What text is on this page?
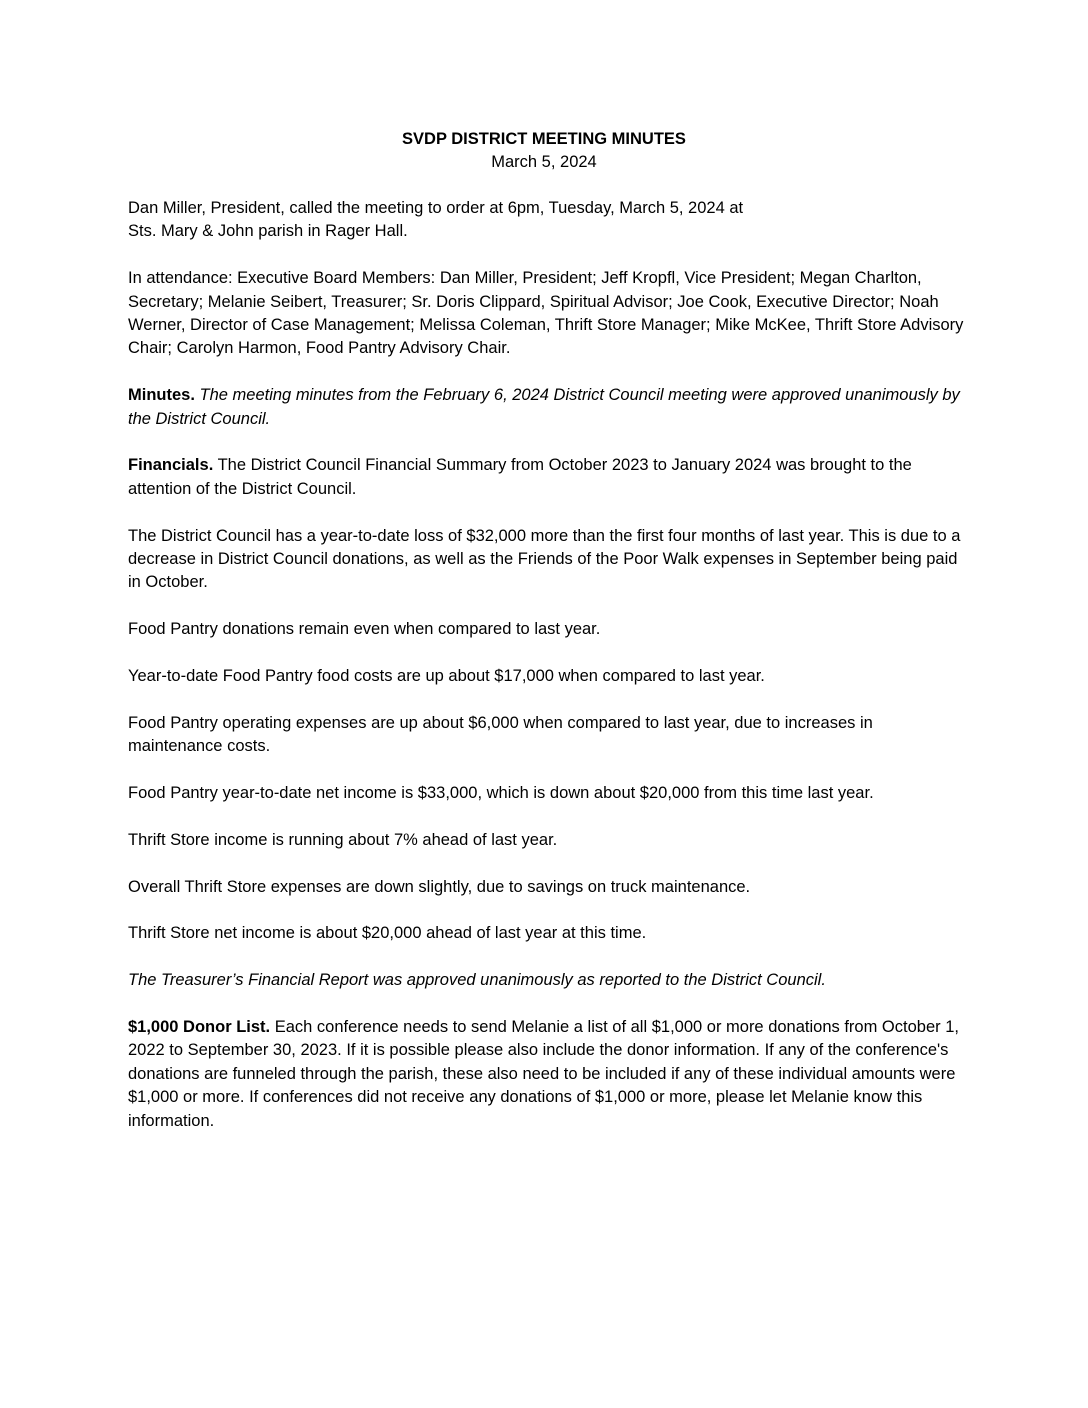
SVDP DISTRICT MEETING MINUTES
March 5, 2024

Dan Miller, President, called the meeting to order at 6pm, Tuesday, March 5, 2024 at
Sts. Mary & John parish in Rager Hall.

In attendance: Executive Board Members: Dan Miller, President; Jeff Kropfl, Vice President; Megan Charlton, Secretary; Melanie Seibert, Treasurer; Sr. Doris Clippard, Spiritual Advisor; Joe Cook, Executive Director; Noah Werner, Director of Case Management; Melissa Coleman, Thrift Store Manager; Mike McKee, Thrift Store Advisory Chair; Carolyn Harmon, Food Pantry Advisory Chair.

Minutes. The meeting minutes from the February 6, 2024 District Council meeting were approved unanimously by the District Council.

Financials. The District Council Financial Summary from October 2023 to January 2024 was brought to the attention of the District Council.

The District Council has a year-to-date loss of $32,000 more than the first four months of last year. This is due to a decrease in District Council donations, as well as the Friends of the Poor Walk expenses in September being paid in October.

Food Pantry donations remain even when compared to last year.

Year-to-date Food Pantry food costs are up about $17,000 when compared to last year.

Food Pantry operating expenses are up about $6,000 when compared to last year, due to increases in maintenance costs.

Food Pantry year-to-date net income is $33,000, which is down about $20,000 from this time last year.

Thrift Store income is running about 7% ahead of last year.

Overall Thrift Store expenses are down slightly, due to savings on truck maintenance.

Thrift Store net income is about $20,000 ahead of last year at this time.

The Treasurer’s Financial Report was approved unanimously as reported to the District Council.

$1,000 Donor List. Each conference needs to send Melanie a list of all $1,000 or more donations from October 1, 2022 to September 30, 2023. If it is possible please also include the donor information. If any of the conference's donations are funneled through the parish, these also need to be included if any of these individual amounts were $1,000 or more. If conferences did not receive any donations of $1,000 or more, please let Melanie know this information.
